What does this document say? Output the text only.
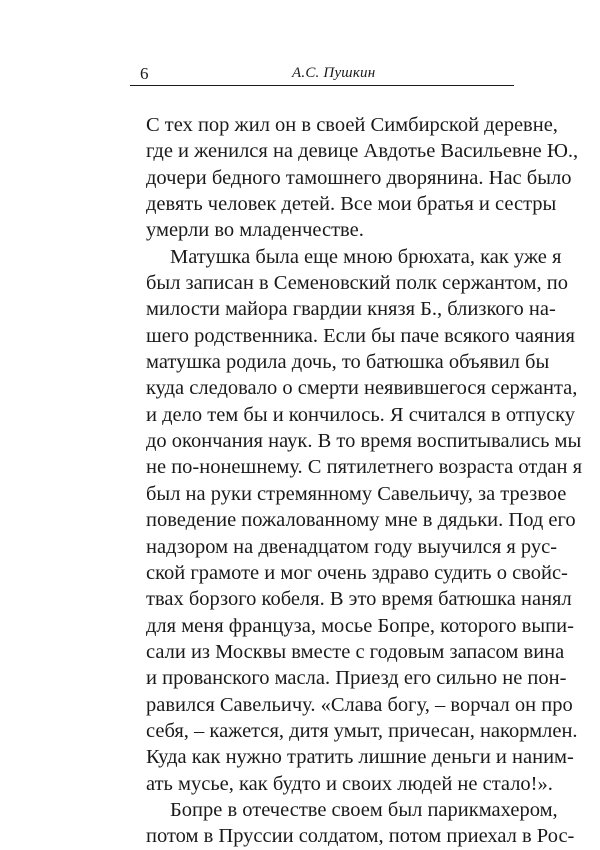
6	А.С. Пушкин
С тех пор жил он в своей Симбирской деревне,
где и женился на девице Авдотье Васильевне Ю.,
дочери бедного тамошнего дворянина. Нас было
девять человек детей. Все мои братья и сестры
умерли во младенчестве.
Матушка была еще мною брюхата, как уже я
был записан в Семеновский полк сержантом, по
милости майора гвардии князя Б., близкого на-
шего родственника. Если бы паче всякого чаяния
матушка родила дочь, то батюшка объявил бы
куда следовало о смерти неявившегося сержанта,
и дело тем бы и кончилось. Я считался в отпуску
до окончания наук. В то время воспитывались мы
не по-нонешнему. С пятилетнего возраста отдан я
был на руки стремянному Савельичу, за трезвое
поведение пожалованному мне в дядьки. Под его
надзором на двенадцатом году выучился я рус-
ской грамоте и мог очень здраво судить о свойс-
твах борзого кобеля. В это время батюшка нанял
для меня француза, мосье Бопре, которого выпи-
сали из Москвы вместе с годовым запасом вина
и прованского масла. Приезд его сильно не пон-
равился Савельичу. «Слава богу, – ворчал он про
себя, – кажется, дитя умыт, причесан, накормлен.
Куда как нужно тратить лишние деньги и наним-
ать мусье, как будто и своих людей не стало!».
Бопре в отечестве своем был парикмахером,
потом в Пруссии солдатом, потом приехал в Рос-
